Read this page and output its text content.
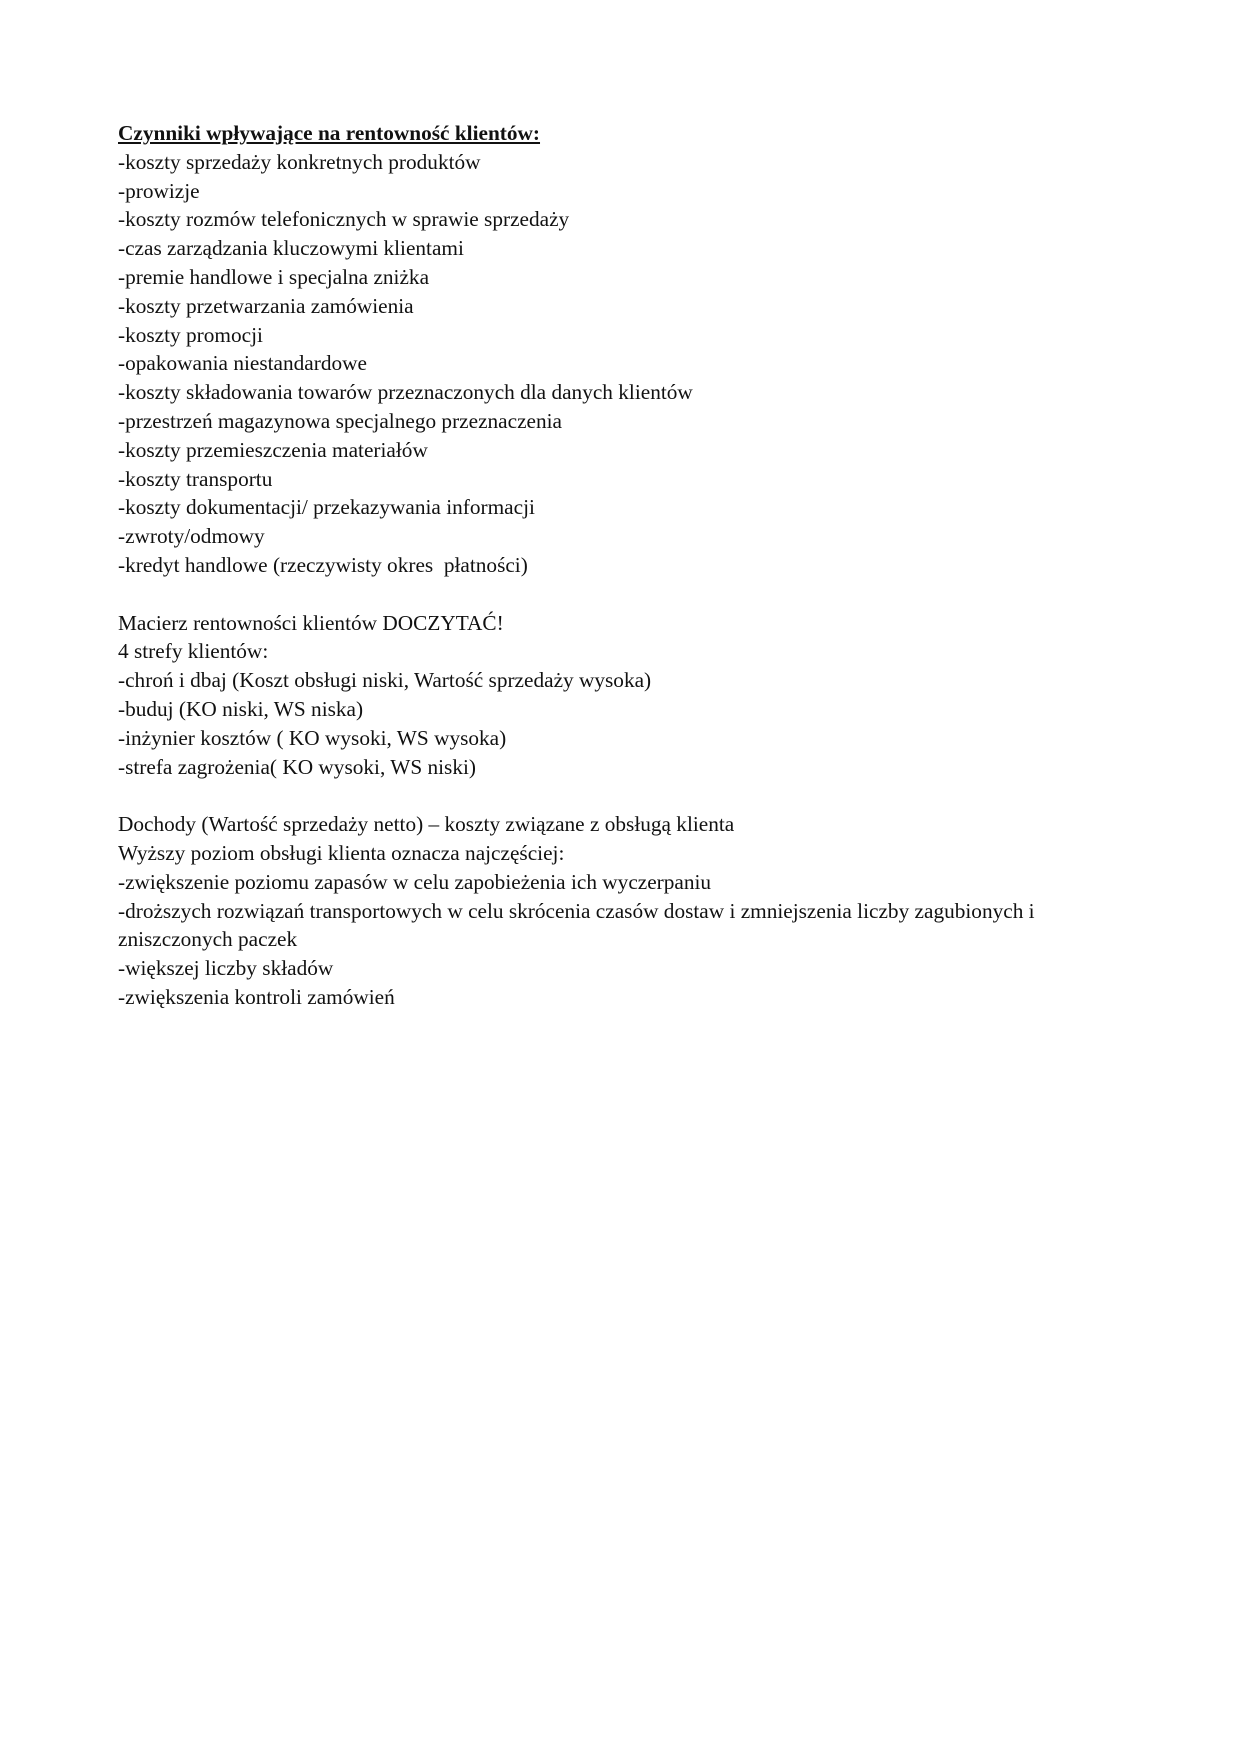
Czynniki wpływające na rentowność klientów:

-koszty sprzedaży konkretnych produktów

-prowizje

-koszty rozmów telefonicznych w sprawie sprzedaży

-czas zarządzania kluczowymi klientami

-premie handlowe i specjalna zniżka

-koszty przetwarzania zamówienia

-koszty promocji

-opakowania niestandardowe

-koszty składowania towarów przeznaczonych dla danych klientów

-przestrzeń magazynowa specjalnego przeznaczenia

-koszty przemieszczenia materiałów

-koszty transportu

-koszty dokumentacji/ przekazywania informacji

-zwroty/odmowy

-kredyt handlowe (rzeczywisty okres  płatności)

Macierz rentowności klientów DOCZYTAĆ!

4 strefy klientów:

-chroń i dbaj (Koszt obsługi niski, Wartość sprzedaży wysoka)

-buduj (KO niski, WS niska)

-inżynier kosztów ( KO wysoki, WS wysoka)

-strefa zagrożenia( KO wysoki, WS niski)

Dochody (Wartość sprzedaży netto) – koszty związane z obsługą klienta

Wyższy poziom obsługi klienta oznacza najczęściej:

-zwiększenie poziomu zapasów w celu zapobieżenia ich wyczerpaniu

-droższych rozwiązań transportowych w celu skrócenia czasów dostaw i zmniejszenia liczby zagubionych i zniszczonych paczek

-większej liczby składów

-zwiększenia kontroli zamówień
